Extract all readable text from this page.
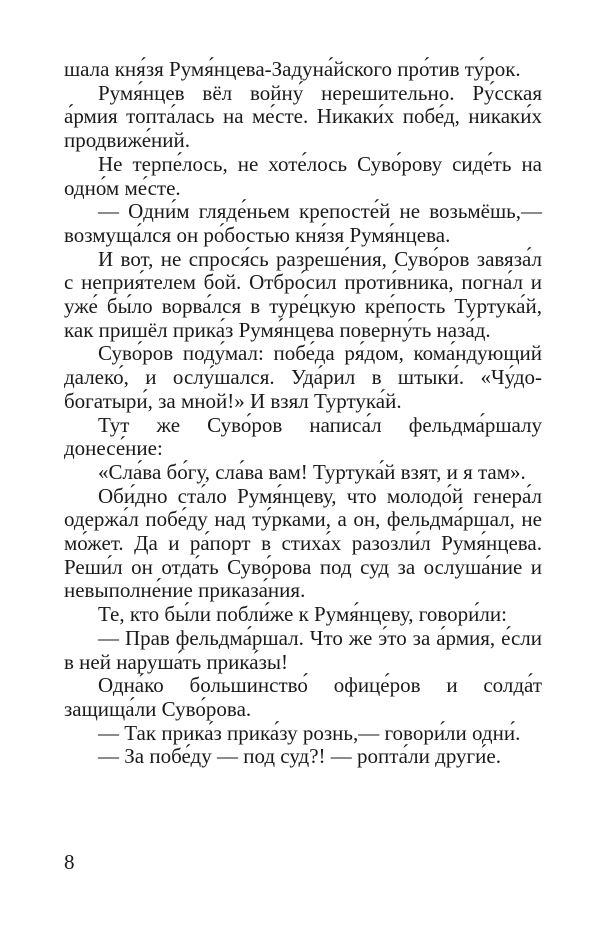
шала кня́зя Румя́нцева-Задуна́йского про́тив ту́рок.

Румя́нцев вёл войну́ нерешительно. Ру́сская а́рмия топта́лась на ме́сте. Никаки́х побе́д, никаки́х продвиже́ний.

Не терпе́лось, не хоте́лось Суво́рову сиде́ть на одно́м ме́сте.

— Одни́м гляде́ньем крепосте́й не возьмёшь,— возмуща́лся он ро́бостью кня́зя Румя́нцева.

И вот, не спрося́сь разреше́ния, Суво́ров завяза́л с неприя́телем бой. Отбро́сил проти́вника, погна́л и уже́ бы́ло ворва́лся в туре́цкую кре́пость Туртука́й, как пришёл прика́з Румя́нцева поверну́ть наза́д.

Суво́ров поду́мал: побе́да ря́дом, кома́ндующий далеко́, и ослу́шался. Уда́рил в штыки́. «Чу́до-богатыри́, за мной!» И взял Туртука́й.

Тут же Суво́ров написа́л фельдма́ршалу донесе́ние:

«Сла́ва бо́гу, сла́ва вам! Туртука́й взят, и я там».

Оби́дно ста́ло Румя́нцеву, что молодо́й генера́л одержа́л побе́ду над ту́рками, а он, фельдма́ршал, не мо́жет. Да и ра́порт в стиха́х разозли́л Румя́нцева. Реши́л он отда́ть Суво́рова под суд за ослуша́ние и невыполне́ние приказа́ния.

Те, кто бы́ли побли́же к Румя́нцеву, говори́ли:

— Прав фельдма́ршал. Что же э́то за а́рмия, е́сли в ней наруша́ть прика́зы!

Одна́ко большинство́ офице́ров и солда́т защища́ли Суво́рова.

— Так прика́з прика́зу рознь,— говори́ли одни́.

— За побе́ду — под суд?! — ропта́ли други́е.

8
